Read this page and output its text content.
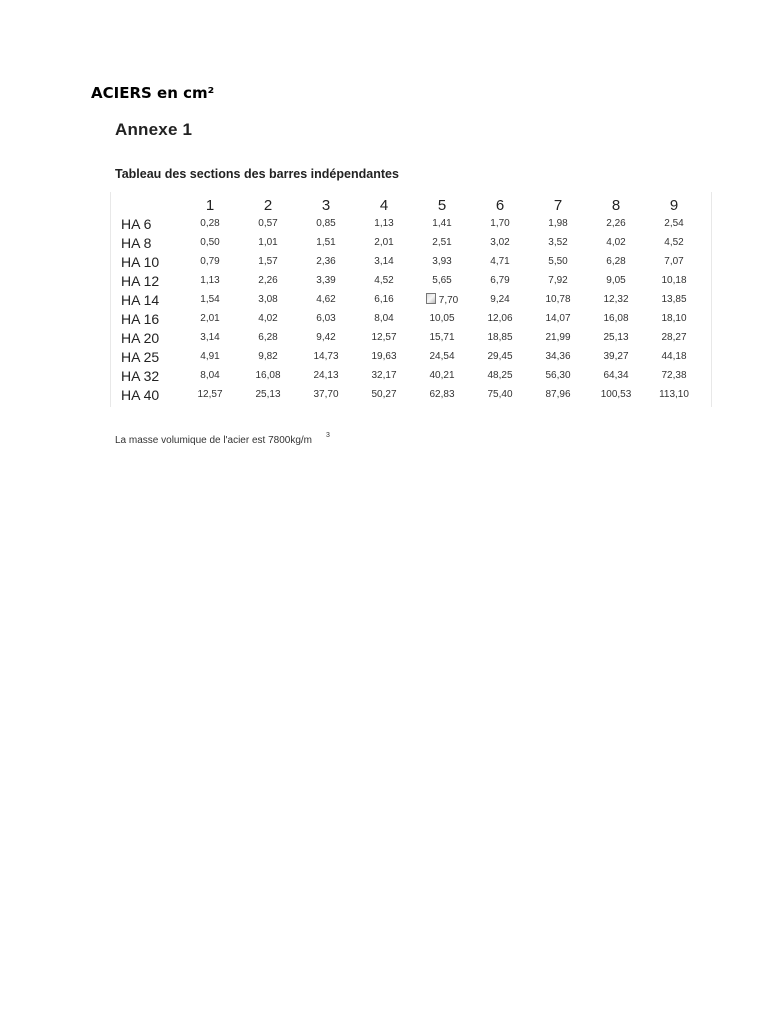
ACIERS en cm²
Annexe 1
Tableau des sections des barres indépendantes
	1	2	3	4	5	6	7	8	9
HA 6	0,28	0,57	0,85	1,13	1,41	1,70	1,98	2,26	2,54
HA 8	0,50	1,01	1,51	2,01	2,51	3,02	3,52	4,02	4,52
HA 10	0,79	1,57	2,36	3,14	3,93	4,71	5,50	6,28	7,07
HA 12	1,13	2,26	3,39	4,52	5,65	6,79	7,92	9,05	10,18
HA 14	1,54	3,08	4,62	6,16	7,70	9,24	10,78	12,32	13,85
HA 16	2,01	4,02	6,03	8,04	10,05	12,06	14,07	16,08	18,10
HA 20	3,14	6,28	9,42	12,57	15,71	18,85	21,99	25,13	28,27
HA 25	4,91	9,82	14,73	19,63	24,54	29,45	34,36	39,27	44,18
HA 32	8,04	16,08	24,13	32,17	40,21	48,25	56,30	64,34	72,38
HA 40	12,57	25,13	37,70	50,27	62,83	75,40	87,96	100,53	113,10
La masse volumique de l'acier est 7800kg/m $^3$
